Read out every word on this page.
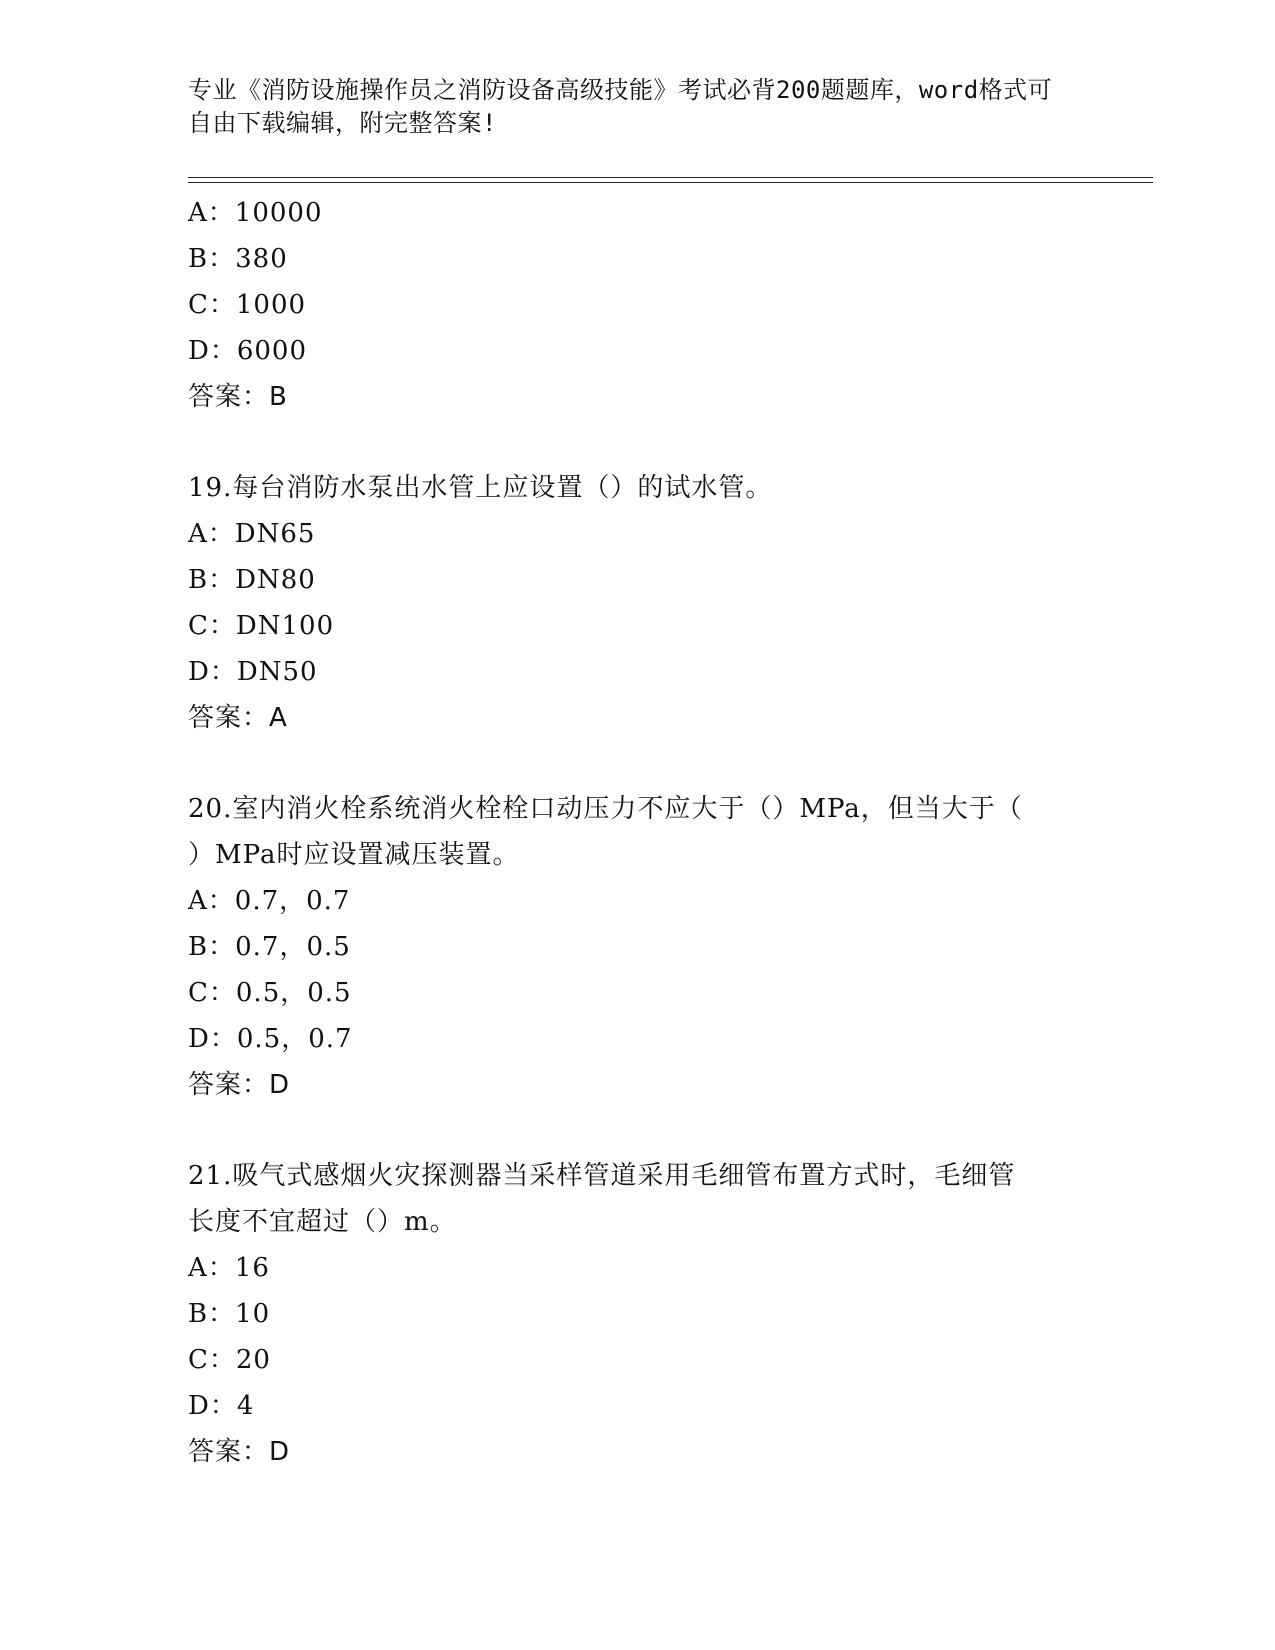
专业《消防设施操作员之消防设备高级技能》考试必背200题题库，word格式可
自由下载编辑，附完整答案!
A：10000
B：380
C：1000
D：6000
答案：B
19.每台消防水泵出水管上应设置（）的试水管。
A：DN65
B：DN80
C：DN100
D：DN50
答案：A
20.室内消火栓系统消火栓栓口动压力不应大于（）MPa，但当大于（
）MPa时应设置减压装置。
A：0.7，0.7
B：0.7，0.5
C：0.5，0.5
D：0.5，0.7
答案：D
21.吸气式感烟火灾探测器当采样管道采用毛细管布置方式时，毛细管
长度不宜超过（）m。
A：16
B：10
C：20
D：4
答案：D
